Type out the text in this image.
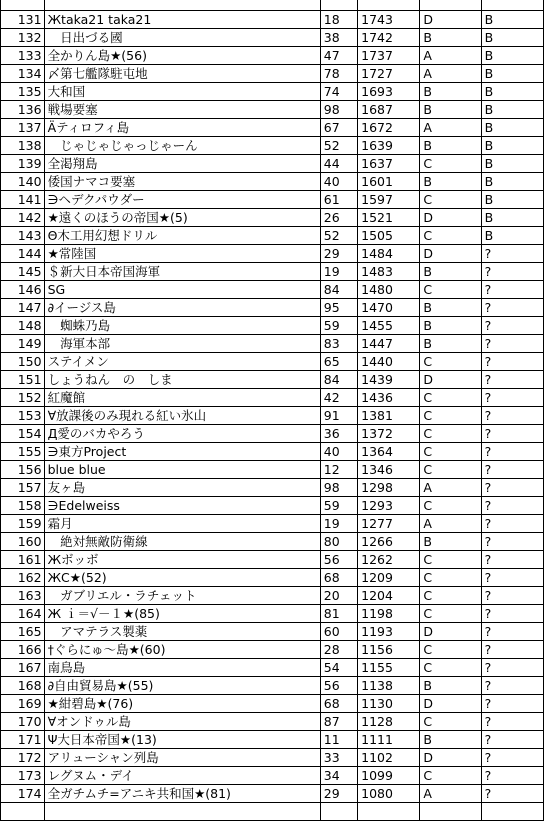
131	Жtaka21 taka21	18	1743	D	B
132	　日出づる國	38	1742	B	B
133	全かりん島★(56)	47	1737	A	B
134	〆第七艦隊駐屯地	78	1727	A	B
135	大和国	74	1693	B	B
136	戦場要塞	98	1687	B	B
137	Äティロフィ島	67	1672	A	B
138	　じゃじゃじゃっじゃーん	52	1639	B	B
139	全渇翔島	44	1637	C	B
140	倭国ナマコ要塞	40	1601	B	B
141	∋ヘデクパウダー	61	1597	C	B
142	★遠くのほうの帝国★(5)	26	1521	D	B
143	Θ木工用幻想ドリル	52	1505	C	B
144	★常陸国	29	1484	D	?
145	＄新大日本帝国海軍	19	1483	B	?
146	SG	84	1480	C	?
147	∂イージス島	95	1470	B	?
148	　蜘蛛乃島	59	1455	B	?
149	　海軍本部	83	1447	B	?
150	ステイメン	65	1440	C	?
151	しょうねん　の　しま	84	1439	D	?
152	紅魔館	42	1436	C	?
153	∀放課後のみ現れる紅い氷山	91	1381	C	?
154	Д愛のバカやろう	36	1372	C	?
155	∋東方Project	40	1364	C	?
156	blue blue	12	1346	C	?
157	友ヶ島	98	1298	A	?
158	∋Edelweiss	59	1293	C	?
159	霜月	19	1277	A	?
160	　絶対無敵防衛線	80	1266	B	?
161	Жボッボ	56	1262	C	?
162	ЖC★(52)	68	1209	C	?
163	　ガブリエル・ラチェット	20	1204	C	?
164	Ж ｉ＝√－１★(85)	81	1198	C	?
165	　アマテラス製薬	60	1193	D	?
166	†ぐらにゅ～島★(60)	28	1156	C	?
167	南鳥島	54	1155	C	?
168	∂自由貿易島★(55)	56	1138	B	?
169	★紺碧島★(76)	68	1130	D	?
170	∀オンドゥル島	87	1128	C	?
171	Ψ大日本帝国★(13)	11	1111	B	?
172	アリューシャン列島	33	1102	D	?
173	レグヌム・デイ	34	1099	C	?
174	全ガチムチ=アニキ共和国★(81)	29	1080	A	?
